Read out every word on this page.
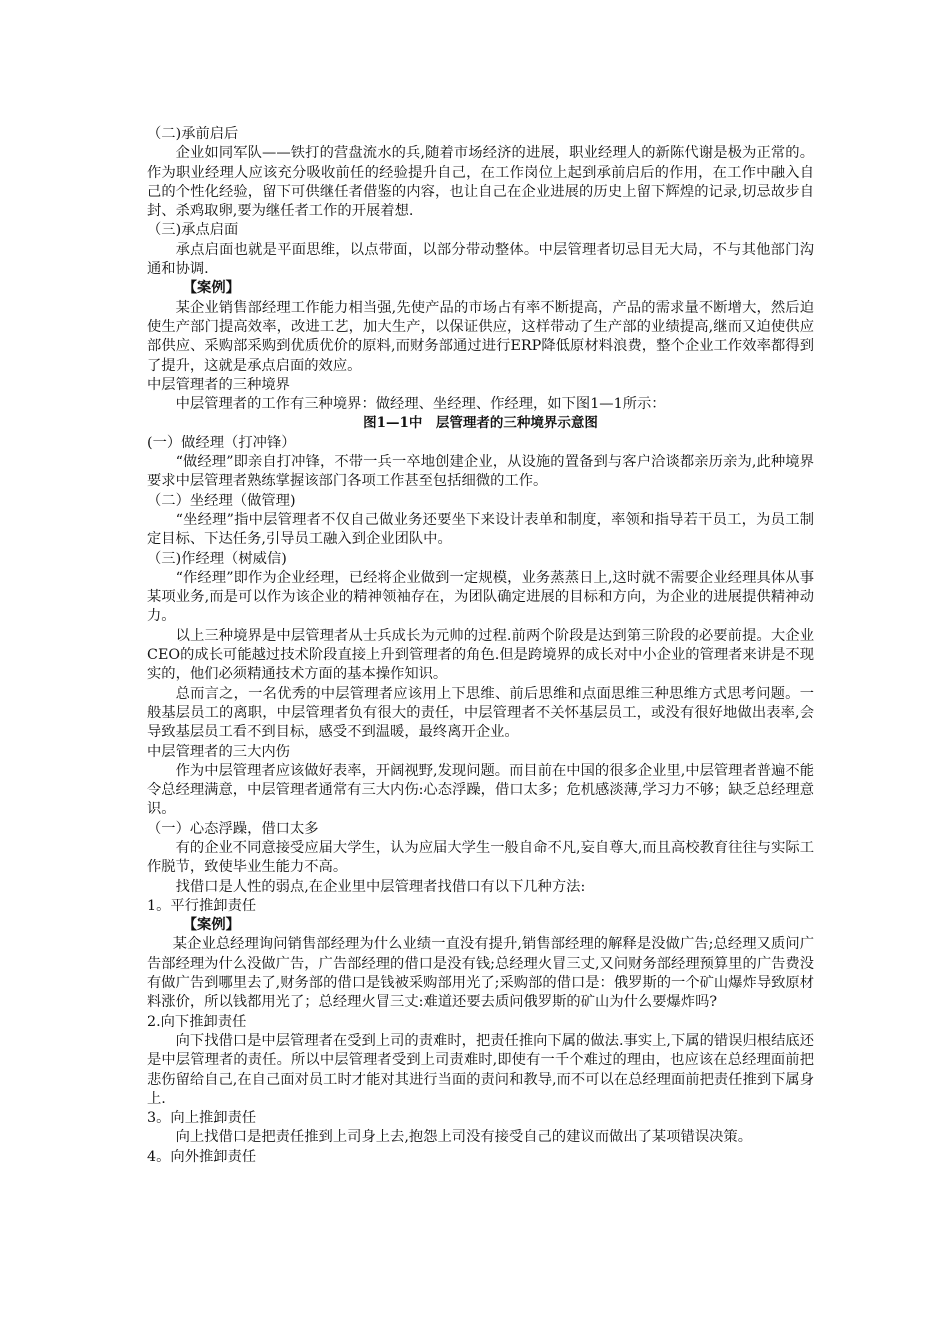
（二)承前启后
企业如同军队——铁打的营盘流水的兵,随着市场经济的进展，职业经理人的新陈代谢是极为正常的。作为职业经理人应该充分吸收前任的经验提升自己，在工作岗位上起到承前启后的作用，在工作中融入自己的个性化经验，留下可供继任者借鉴的内容，也让自己在企业进展的历史上留下辉煌的记录,切忌故步自封、杀鸡取卵,要为继任者工作的开展着想.
（三)承点启面
承点启面也就是平面思维，以点带面，以部分带动整体。中层管理者切忌目无大局，不与其他部门沟通和协调.
【案例】
某企业销售部经理工作能力相当强,先使产品的市场占有率不断提高，产品的需求量不断增大，然后迫使生产部门提高效率，改进工艺，加大生产，以保证供应，这样带动了生产部的业绩提高,继而又迫使供应部供应、采购部采购到优质优价的原料,而财务部通过进行ERP降低原材料浪费，整个企业工作效率都得到了提升，这就是承点启面的效应。
中层管理者的三种境界
中层管理者的工作有三种境界：做经理、坐经理、作经理，如下图1—1所示：
图1—1中　层管理者的三种境界示意图
(一）做经理（打冲锋）
“做经理”即亲自打冲锋，不带一兵一卒地创建企业，从设施的置备到与客户洽谈都亲历亲为,此种境界要求中层管理者熟练掌握该部门各项工作甚至包括细微的工作。
（二）坐经理（做管理)
“坐经理”指中层管理者不仅自己做业务还要坐下来设计表单和制度，率领和指导若干员工，为员工制定目标、下达任务,引导员工融入到企业团队中。
（三)作经理（树威信)
“作经理”即作为企业经理，已经将企业做到一定规模，业务蒸蒸日上,这时就不需要企业经理具体从事某项业务,而是可以作为该企业的精神领袖存在，为团队确定进展的目标和方向，为企业的进展提供精神动力。
以上三种境界是中层管理者从士兵成长为元帅的过程.前两个阶段是达到第三阶段的必要前提。大企业CEO的成长可能越过技术阶段直接上升到管理者的角色.但是跨境界的成长对中小企业的管理者来讲是不现实的，他们必须精通技术方面的基本操作知识。
总而言之，一名优秀的中层管理者应该用上下思维、前后思维和点面思维三种思维方式思考问题。一般基层员工的离职，中层管理者负有很大的责任，中层管理者不关怀基层员工，或没有很好地做出表率,会导致基层员工看不到目标，感受不到温暖，最终离开企业。
中层管理者的三大内伤
作为中层管理者应该做好表率，开阔视野,发现问题。而目前在中国的很多企业里,中层管理者普遍不能令总经理满意，中层管理者通常有三大内伤:心态浮躁，借口太多；危机感淡薄,学习力不够；缺乏总经理意识。
（一）心态浮躁，借口太多
有的企业不同意接受应届大学生，认为应届大学生一般自命不凡,妄自尊大,而且高校教育往往与实际工作脱节，致使毕业生能力不高。
找借口是人性的弱点,在企业里中层管理者找借口有以下几种方法:
1。平行推卸责任
【案例】
某企业总经理询问销售部经理为什么业绩一直没有提升,销售部经理的解释是没做广告;总经理又质问广告部经理为什么没做广告，广告部经理的借口是没有钱;总经理火冒三丈,又问财务部经理预算里的广告费没有做广告到哪里去了,财务部的借口是钱被采购部用光了;采购部的借口是：俄罗斯的一个矿山爆炸导致原材料涨价，所以钱都用光了；总经理火冒三丈:难道还要去质问俄罗斯的矿山为什么要爆炸吗?
2.向下推卸责任
向下找借口是中层管理者在受到上司的责难时，把责任推向下属的做法.事实上,下属的错误归根结底还是中层管理者的责任。所以中层管理者受到上司责难时,即使有一千个难过的理由，也应该在总经理面前把悲伤留给自己,在自己面对员工时才能对其进行当面的责问和教导,而不可以在总经理面前把责任推到下属身上.
3。向上推卸责任
向上找借口是把责任推到上司身上去,抱怨上司没有接受自己的建议而做出了某项错误决策。
4。向外推卸责任
